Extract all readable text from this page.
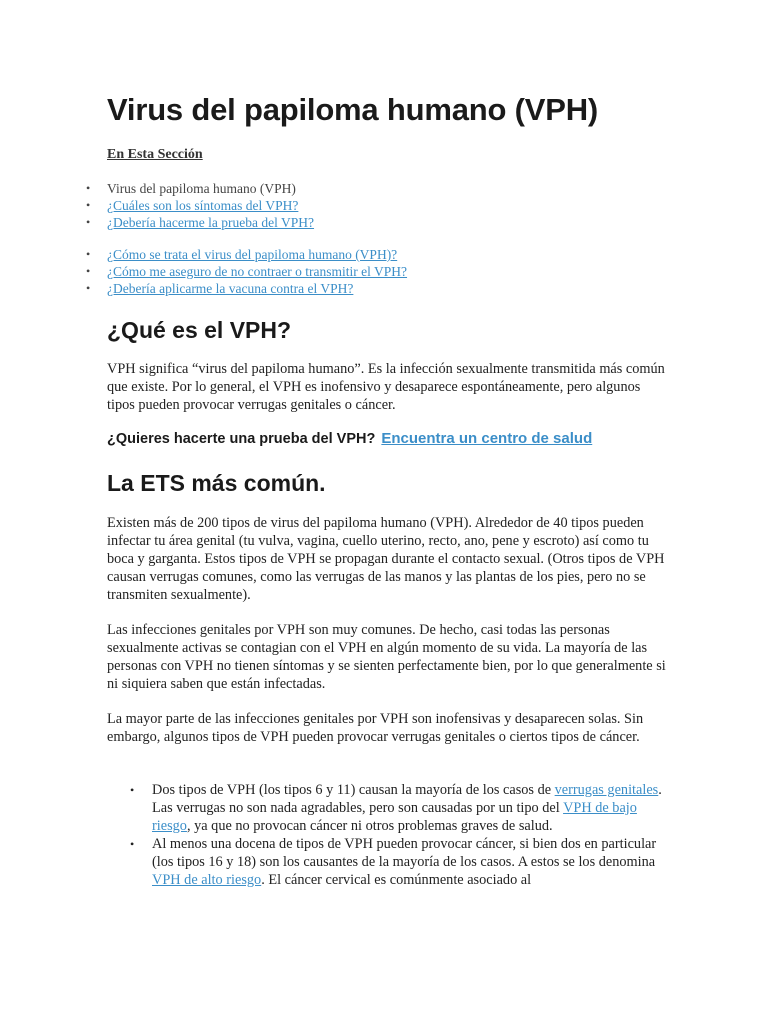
Virus del papiloma humano (VPH)
En Esta Sección
• Virus del papiloma humano (VPH)
• ¿Cuáles son los síntomas del VPH?
• ¿Debería hacerme la prueba del VPH?
• ¿Cómo se trata el virus del papiloma humano (VPH)?
• ¿Cómo me aseguro de no contraer o transmitir el VPH?
• ¿Debería aplicarme la vacuna contra el VPH?
¿Qué es el VPH?

VPH significa “virus del papiloma humano”. Es la infección sexualmente transmitida más común que existe. Por lo general, el VPH es inofensivo y desaparece espontáneamente, pero algunos tipos pueden provocar verrugas genitales o cáncer.

¿Quieres hacerte una prueba del VPH? Encuentra un centro de salud
La ETS más común.

Existen más de 200 tipos de virus del papiloma humano (VPH). Alrededor de 40 tipos pueden infectar tu área genital (tu vulva, vagina, cuello uterino, recto, ano, pene y escroto) así como tu boca y garganta. Estos tipos de VPH se propagan durante el contacto sexual. (Otros tipos de VPH causan verrugas comunes, como las verrugas de las manos y las plantas de los pies, pero no se transmiten sexualmente).

Las infecciones genitales por VPH son muy comunes. De hecho, casi todas las personas sexualmente activas se contagian con el VPH en algún momento de su vida. La mayoría de las personas con VPH no tienen síntomas y se sienten perfectamente bien, por lo que generalmente si ni siquiera saben que están infectadas.

La mayor parte de las infecciones genitales por VPH son inofensivas y desaparecen solas. Sin embargo, algunos tipos de VPH pueden provocar verrugas genitales o ciertos tipos de cáncer.

• Dos tipos de VPH (los tipos 6 y 11) causan la mayoría de los casos de verrugas genitales. Las verrugas no son nada agradables, pero son causadas por un tipo del VPH de bajo riesgo, ya que no provocan cáncer ni otros problemas graves de salud.
• Al menos una docena de tipos de VPH pueden provocar cáncer, si bien dos en particular (los tipos 16 y 18) son los causantes de la mayoría de los casos. A estos se los denomina VPH de alto riesgo. El cáncer cervical es comúnmente asociado al
